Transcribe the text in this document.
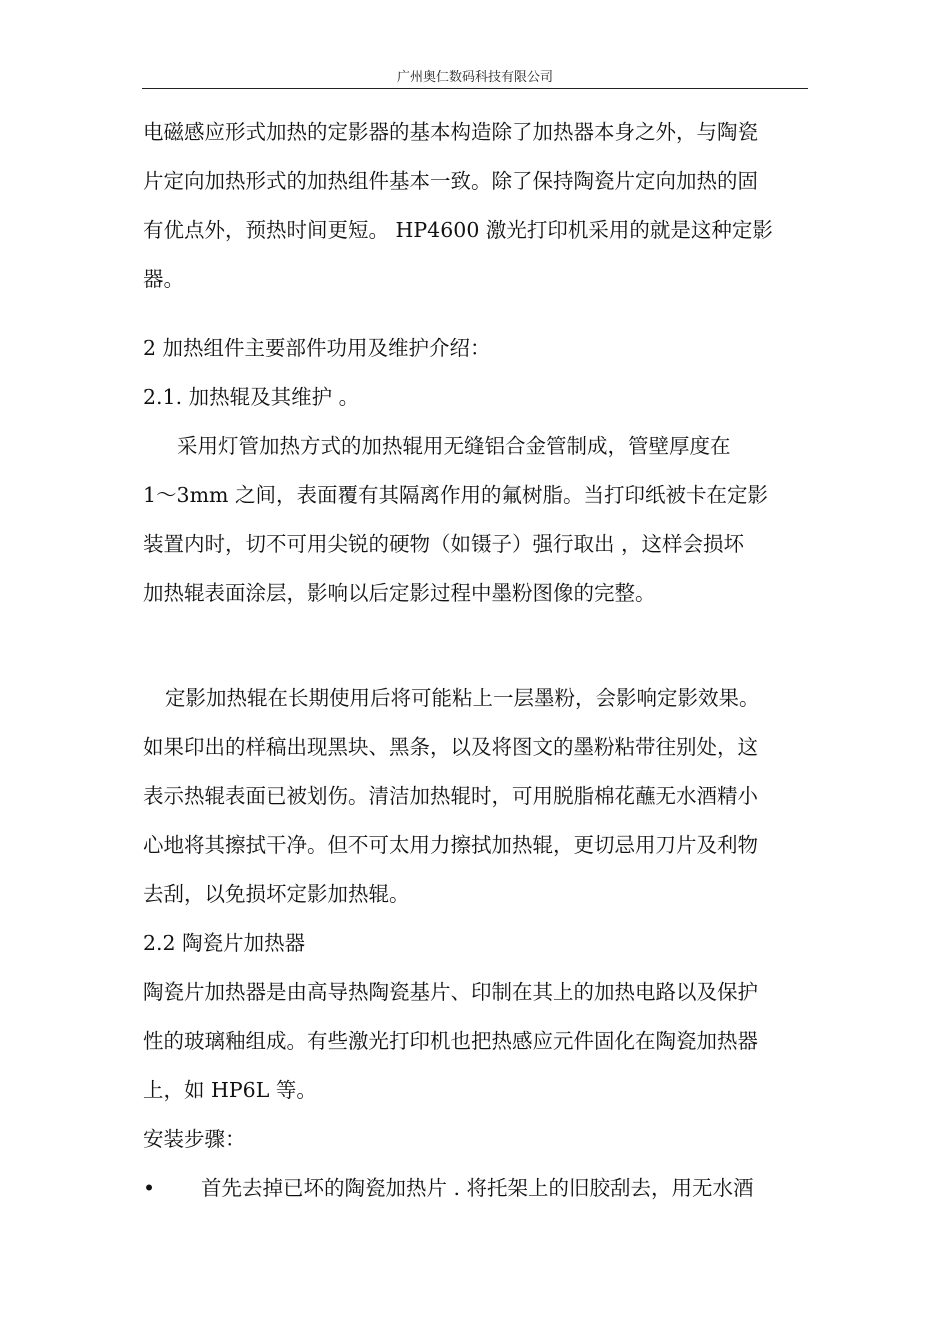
广州奥仁数码科技有限公司
电磁感应形式加热的定影器的基本构造除了加热器本身之外，与陶瓷
片定向加热形式的加热组件基本一致。除了保持陶瓷片定向加热的固
有优点外，预热时间更短。 HP4600 激光打印机采用的就是这种定影
器。
2 加热组件主要部件功用及维护介绍：
2.1. 加热辊及其维护 。
采用灯管加热方式的加热辊用无缝铝合金管制成，管壁厚度在
1～3mm 之间，表面覆有其隔离作用的氟树脂。当打印纸被卡在定影
装置内时，切不可用尖锐的硬物（如镊子）强行取出 ，这样会损坏
加热辊表面涂层，影响以后定影过程中墨粉图像的完整。
定影加热辊在长期使用后将可能粘上一层墨粉，会影响定影效果。
如果印出的样稿出现黑块、黑条，以及将图文的墨粉粘带往别处，这
表示热辊表面已被划伤。清洁加热辊时，可用脱脂棉花蘸无水酒精小
心地将其擦拭干净。但不可太用力擦拭加热辊，更切忌用刀片及利物
去刮，以免损坏定影加热辊。
2.2 陶瓷片加热器
陶瓷片加热器是由高导热陶瓷基片、印制在其上的加热电路以及保护
性的玻璃釉组成。有些激光打印机也把热感应元件固化在陶瓷加热器
上，如 HP6L 等。
安装步骤：
•	首先去掉已坏的陶瓷加热片 . 将托架上的旧胶刮去，用无水酒
